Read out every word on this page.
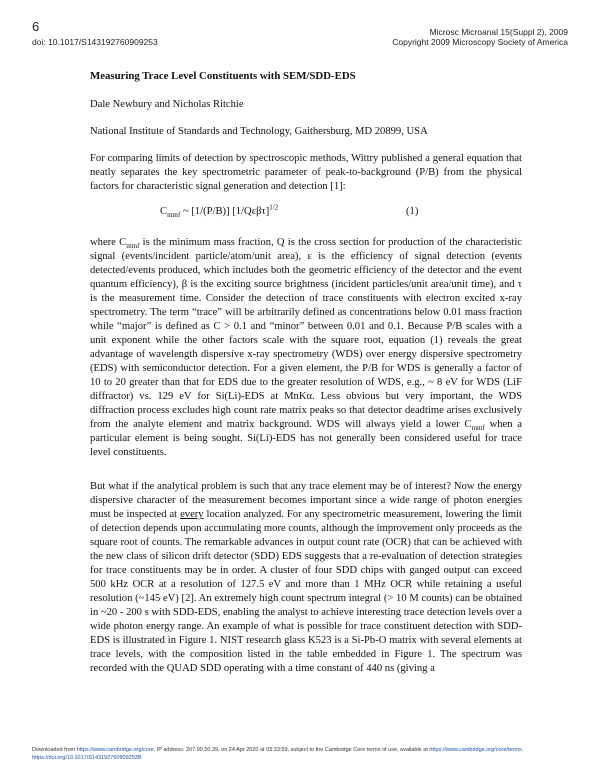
6
doi: 10.1017/S143192760909253
Microsc Microanal 15(Suppl 2), 2009
Copyright 2009 Microscopy Society of America
Measuring Trace Level Constituents with SEM/SDD-EDS
Dale Newbury and Nicholas Ritchie
National Institute of Standards and Technology, Gaithersburg, MD 20899, USA

For comparing limits of detection by spectroscopic methods, Wittry published a general equation that neatly separates the key spectrometric parameter of peak-to-background (P/B) from the physical factors for characteristic signal generation and detection [1]:

$C_{mmf}$ ~ [1/(P/B)] $[1/Q\varepsilon\beta\tau]^{1/2}$	(1)

where $C_{mmf}$ is the minimum mass fraction, Q is the cross section for production of the characteristic signal (events/incident particle/atom/unit area), ε is the efficiency of signal detection (events detected/events produced, which includes both the geometric efficiency of the detector and the event quantum efficiency), β is the exciting source brightness (incident particles/unit area/unit time), and τ is the measurement time. Consider the detection of trace constituents with electron excited x-ray spectrometry. The term “trace” will be arbitrarily defined as concentrations below 0.01 mass fraction while “major” is defined as C > 0.1 and “minor” between 0.01 and 0.1. Because P/B scales with a unit exponent while the other factors scale with the square root, equation (1) reveals the great advantage of wavelength dispersive x-ray spectrometry (WDS) over energy dispersive spectrometry (EDS) with semiconductor detection. For a given element, the P/B for WDS is generally a factor of 10 to 20 greater than that for EDS due to the greater resolution of WDS, e.g., ~ 8 eV for WDS (LiF diffractor) vs. 129 eV for Si(Li)-EDS at MnKα. Less obvious but very important, the WDS diffraction process excludes high count rate matrix peaks so that detector deadtime arises exclusively from the analyte element and matrix background. WDS will always yield a lower $C_{mmf}$ when a particular element is being sought. Si(Li)-EDS has not generally been considered useful for trace level constituents.

But what if the analytical problem is such that any trace element may be of interest? Now the energy dispersive character of the measurement becomes important since a wide range of photon energies must be inspected at every location analyzed. For any spectrometric measurement, lowering the limit of detection depends upon accumulating more counts, although the improvement only proceeds as the square root of counts. The remarkable advances in output count rate (OCR) that can be achieved with the new class of silicon drift detector (SDD) EDS suggests that a re-evaluation of detection strategies for trace constituents may be in order. A cluster of four SDD chips with ganged output can exceed 500 kHz OCR at a resolution of 127.5 eV and more than 1 MHz OCR while retaining a useful resolution (~145 eV) [2]. An extremely high count spectrum integral (> 10 M counts) can be obtained in ~20 - 200 s with SDD-EDS, enabling the analyst to achieve interesting trace detection levels over a wide photon energy range. An example of what is possible for trace constituent detection with SDD-EDS is illustrated in Figure 1. NIST research glass K523 is a Si-Pb-O matrix with several elements at trace levels, with the composition listed in the table embedded in Figure 1. The spectrum was recorded with the QUAD SDD operating with a time constant of 440 ns (giving a

Downloaded from https://www.cambridge.org/core. IP address: 207.90.50.39, on 24 Apr 2020 at 03:33:59, subject to the Cambridge Core terms of use, available at https://www.cambridge.org/core/terms.
https://doi.org/10.1017/S143192760909253B
